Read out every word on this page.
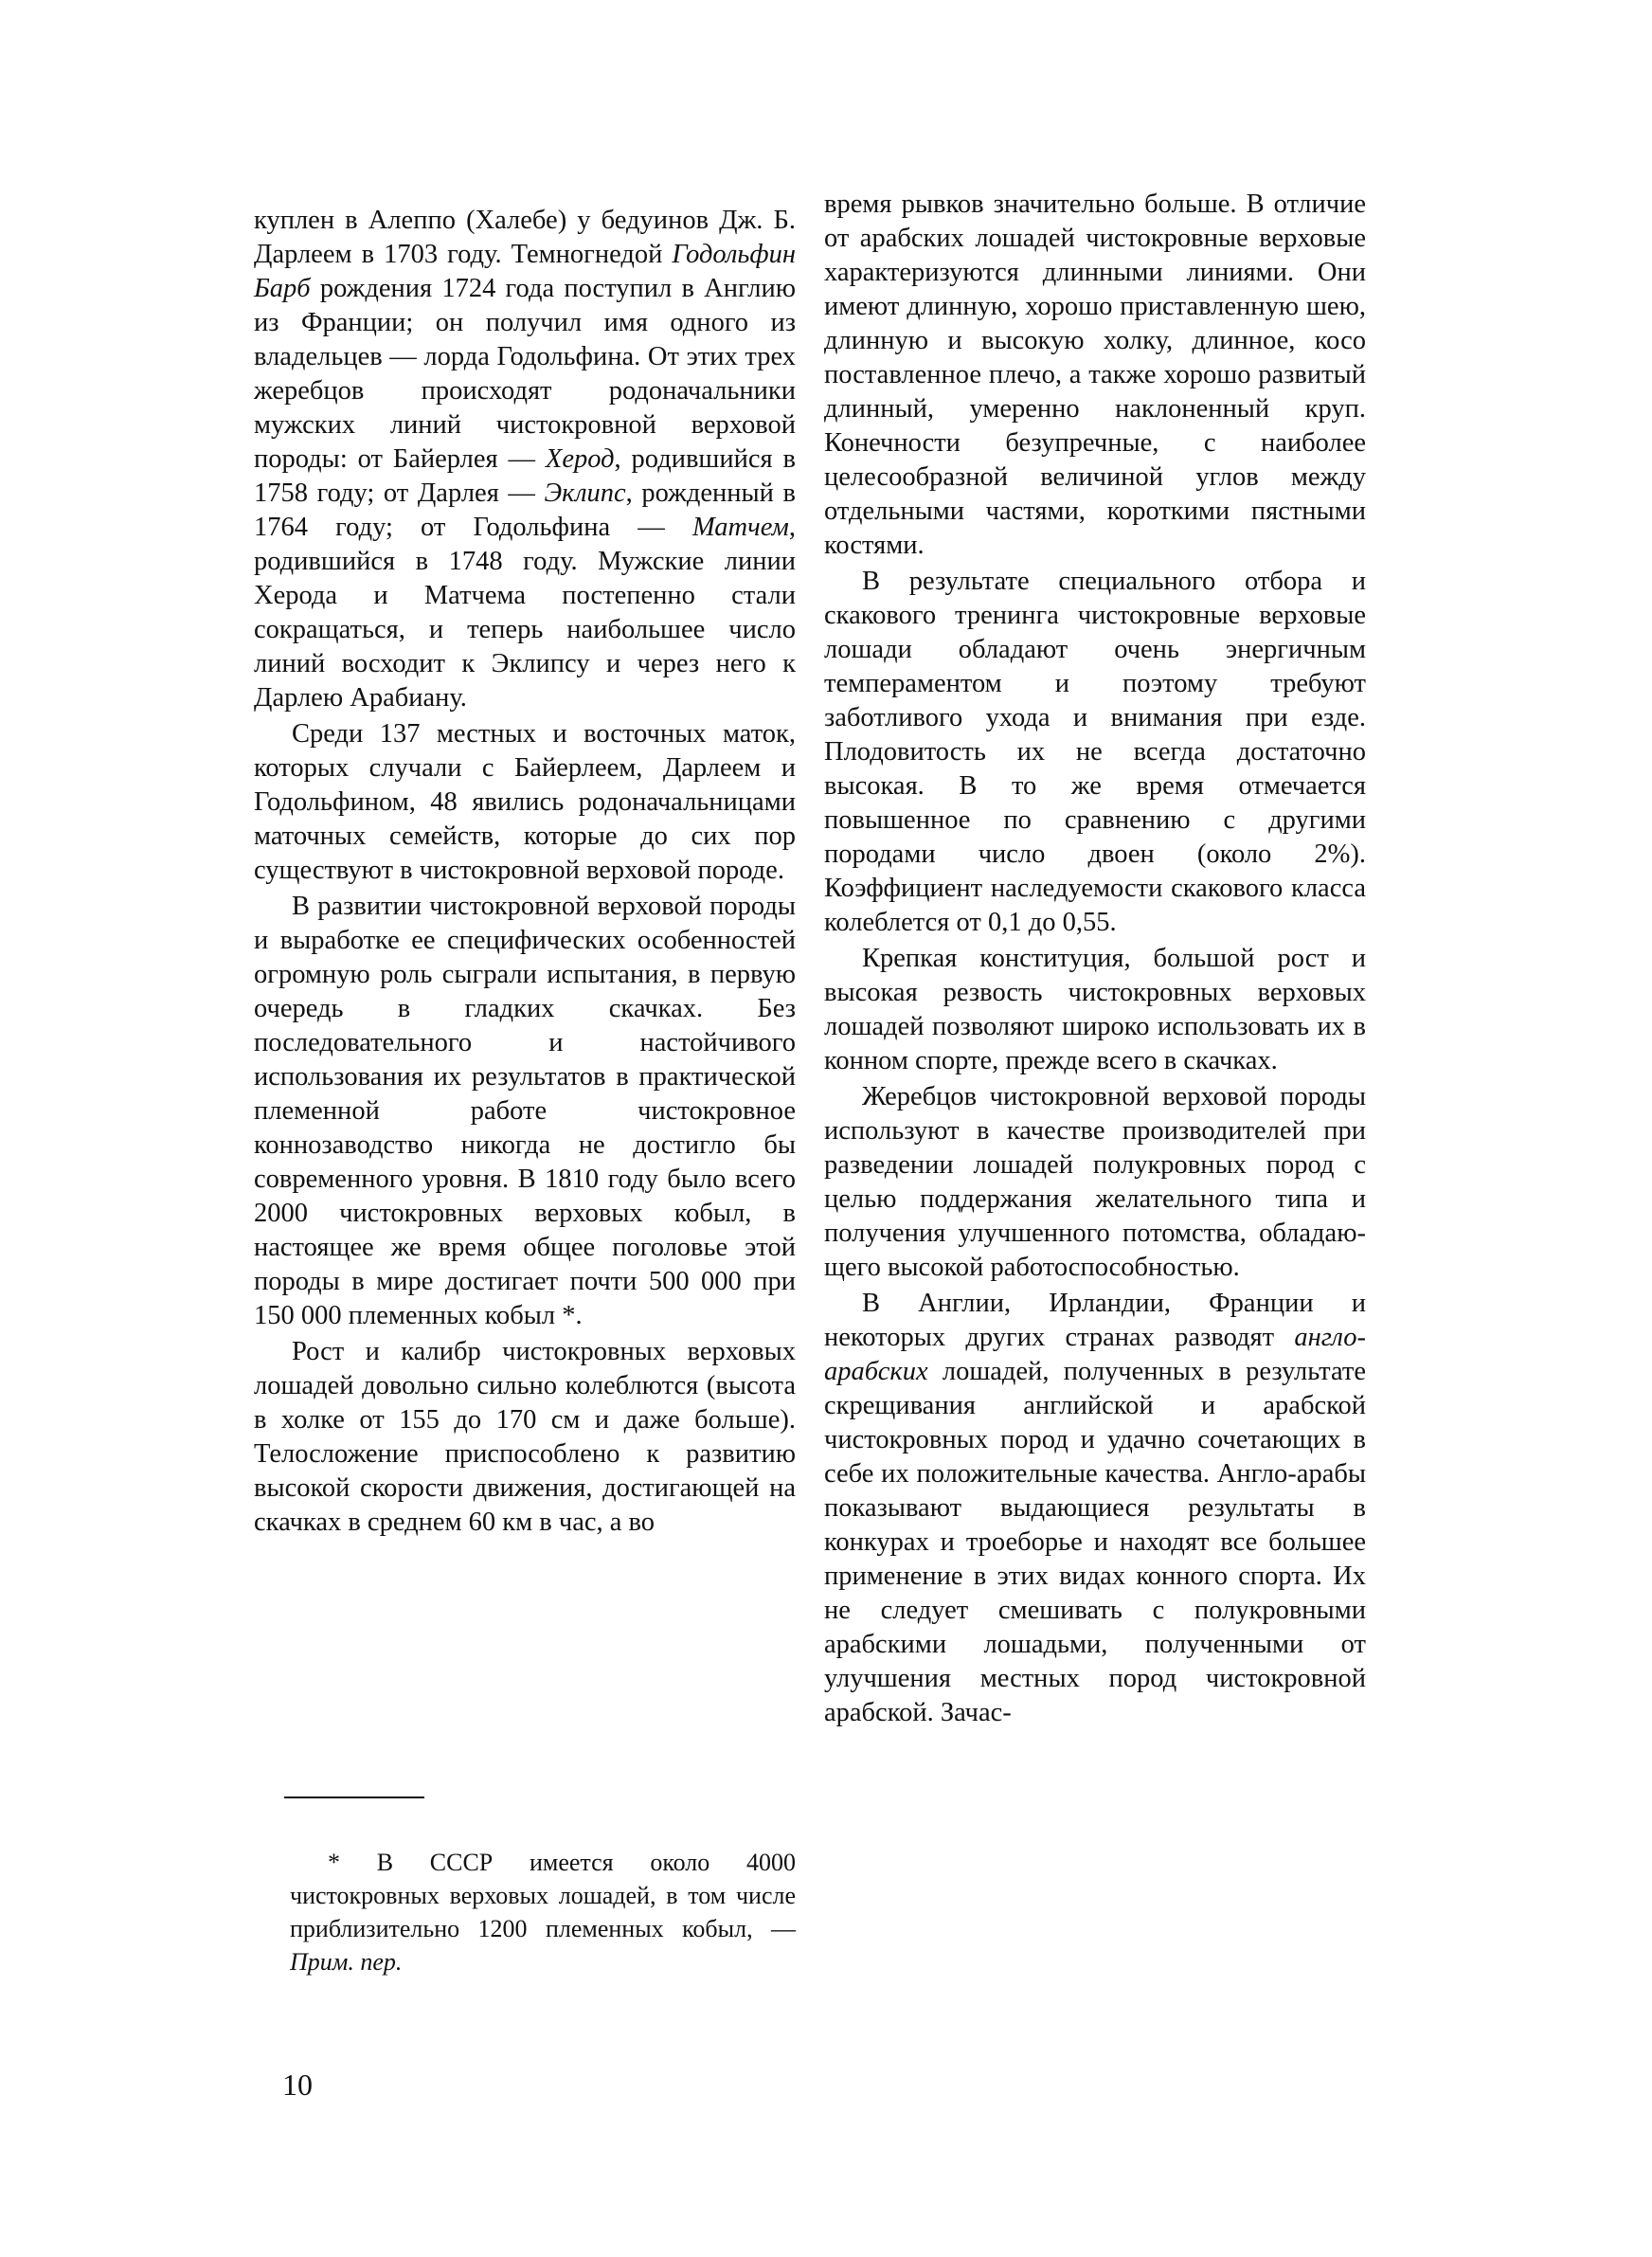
куплен в Алеппо (Халебе) у бедуинов Дж. Б. Дарлеем в 1703 году. Темногнедой Годольфин Барб рождения 1724 года поступил в Англию из Франции; он получил имя одного из владельцев — лорда Годольфина. От этих трех жеребцов происходят родоначальники мужских линий чистокровной верховой породы: от Байерлея — Херод, родившийся в 1758 году; от Дарлея — Эклипс, рожденный в 1764 году; от Годольфина — Матчем, родившийся в 1748 году. Мужские линии Херода и Матчема постепенно стали сокращаться, и теперь наибольшее число линий восходит к Эклипсу и через него к Дарлею Арабиану.

Среди 137 местных и восточных маток, которых случали с Байерлеем, Дарлеем и Годольфином, 48 явились родоначальницами маточных семейств, которые до сих пор существуют в чистокровной верховой породе.

В развитии чистокровной верховой породы и выработке ее специфических особенностей огромную роль сыграли испытания, в первую очередь в гладких скачках. Без последовательного и настойчивого использования их результатов в практической племенной работе чистокровное коннозаводство никогда не достигло бы современного уровня. В 1810 году было всего 2000 чистокровных верховых кобыл, в настоящее же время общее поголовье этой породы в мире достигает почти 500 000 при 150 000 племенных кобыл *.

Рост и калибр чистокровных верховых лошадей довольно сильно колеблются (высота в холке от 155 до 170 см и даже больше). Телосложение приспособлено к развитию высокой скорости движения, достигающей на скачках в среднем 60 км в час, а во

* В СССР имеется около 4000 чистокровных верховых лошадей, в том числе приблизительно 1200 племенных кобыл, — Прим. пер.

время рывков значительно больше. В отличие от арабских лошадей чистокровные верховые характеризуются длинными линиями. Они имеют длинную, хорошо приставленную шею, длинную и высокую холку, длинное, косо поставленное плечо, а также хорошо развитый длинный, умеренно наклоненный круп. Конечности безупречные, с наиболее целесообразной величиной углов между отдельными частями, короткими пястными костями.

В результате специального отбора и скакового тренинга чистокровные верховые лошади обладают очень энергичным темпераментом и поэтому требуют заботливого ухода и внимания при езде. Плодовитость их не всегда достаточно высокая. В то же время отмечается повышенное по сравнению с другими породами число двоен (около 2%). Коэффициент наследуемости скакового класса колеблется от 0,1 до 0,55.

Крепкая конституция, большой рост и высокая резвость чистокровных верховых лошадей позволяют широко использовать их в конном спорте, прежде всего в скачках.

Жеребцов чистокровной верховой породы используют в качестве производителей при разведении лошадей полукровных пород с целью поддержания желательного типа и получения улучшенного потомства, обладающего высокой работоспособностью.

В Англии, Ирландии, Франции и некоторых других странах разводят англо-арабских лошадей, полученных в результате скрещивания английской и арабской чистокровных пород и удачно сочетающих в себе их положительные качества. Англо-арабы показывают выдающиеся результаты в конкурах и троеборье и находят все большее применение в этих видах конного спорта. Их не следует смешивать с полукровными арабскими лошадьми, полученными от улучшения местных пород чистокровной арабской. Зачас-

10
